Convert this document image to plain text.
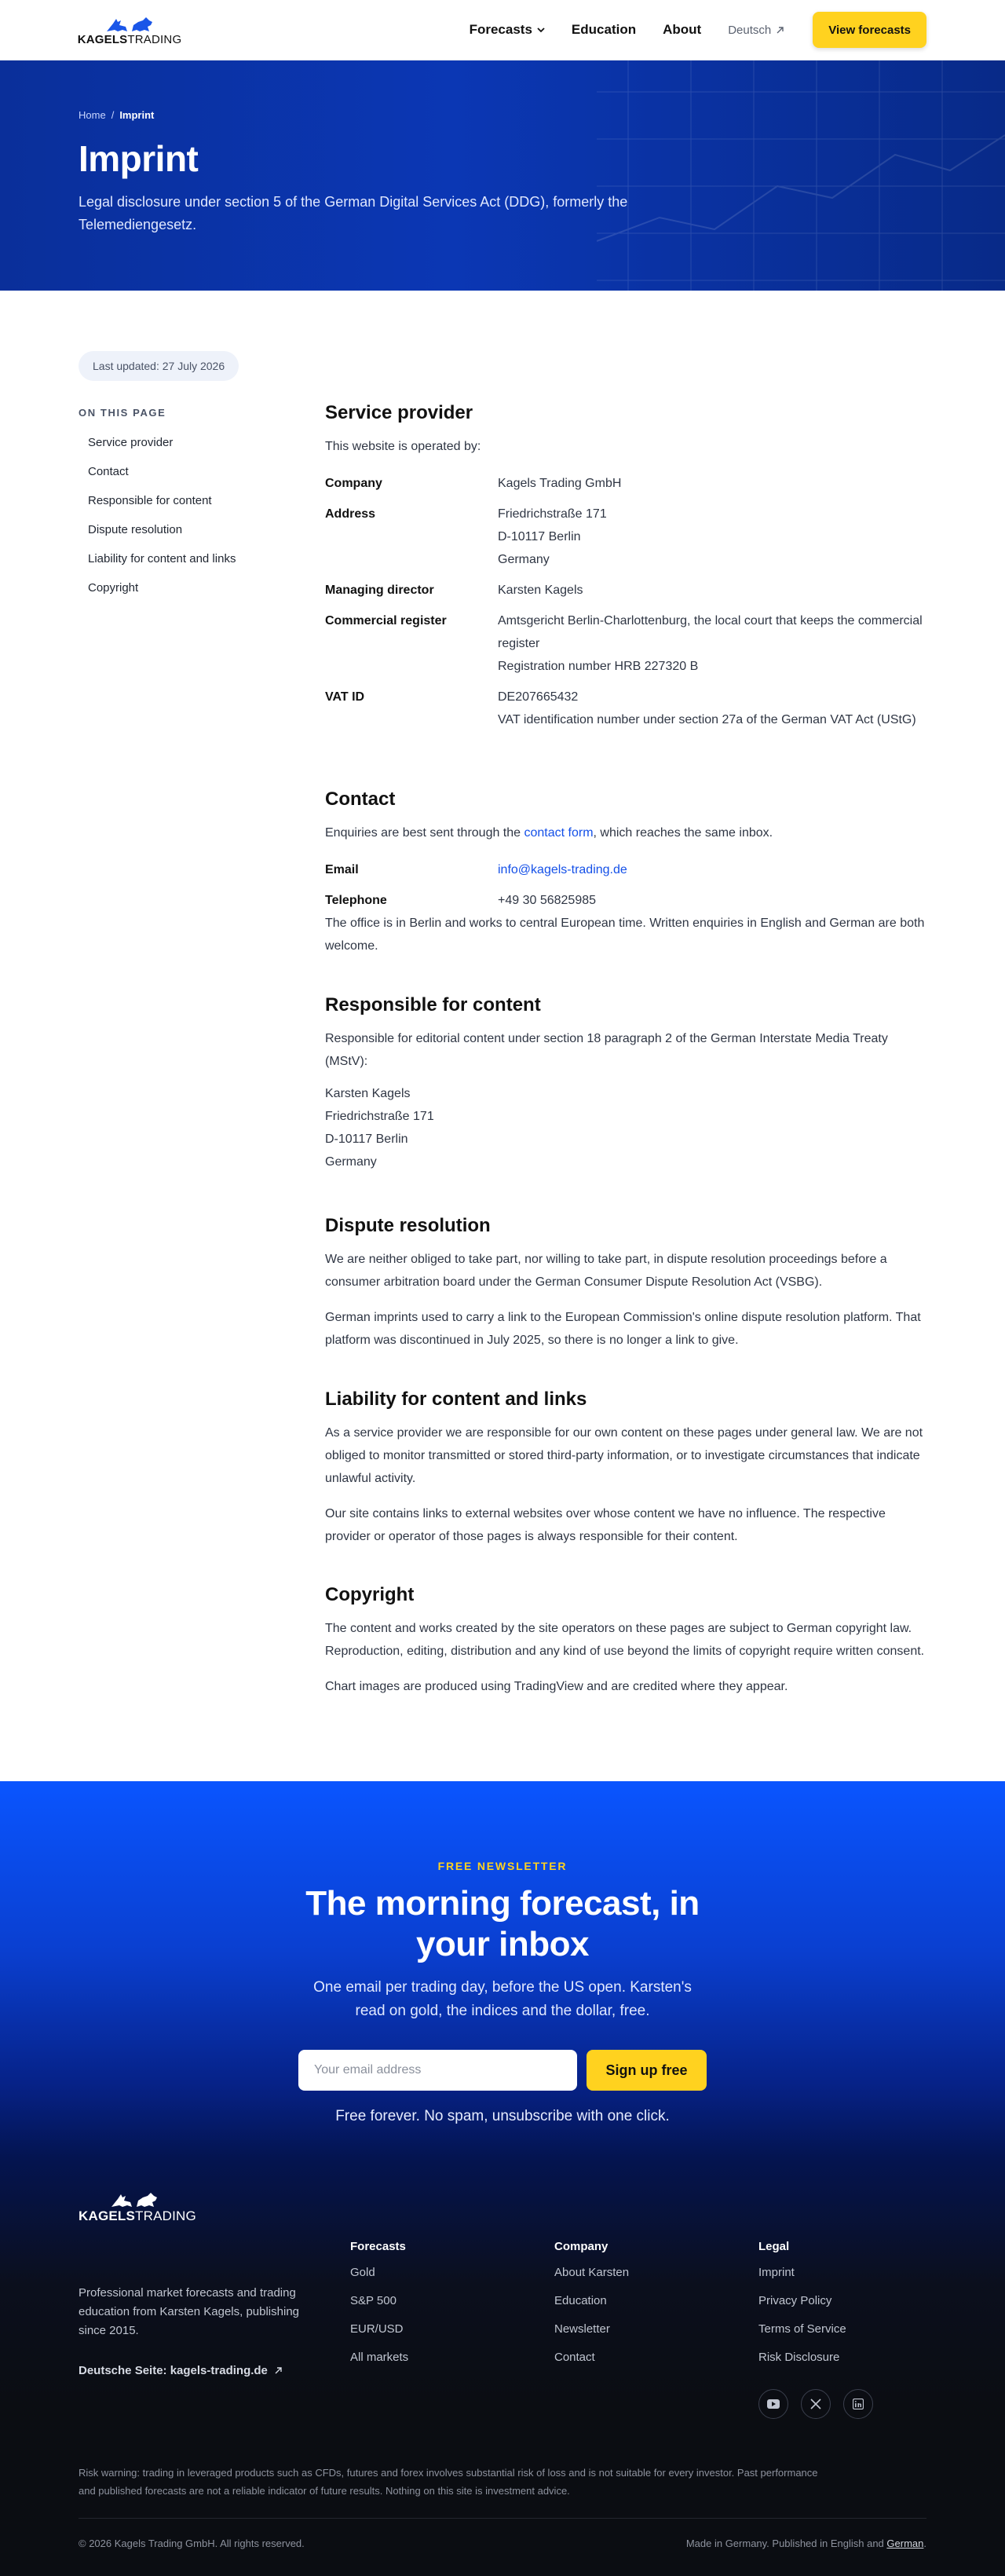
KAGELSTRADING
Forecasts	Education About Deutsch	View forecasts
Home / Imprint
Imprint

Legal disclosure under section 5 of the German Digital Services Act (DDG), formerly the Telemediengesetz.

Last updated: 27 July 2026
ON THIS PAGE
Service provider
Contact
Responsible for content
Dispute resolution
Liability for content and links
Copyright
Service provider

This website is operated by:

Company	Kagels Trading GmbH
Address	Friedrichstraße 171
D-10117 Berlin
Germany
Managing director	Karsten Kagels
Commercial register	Amtsgericht Berlin-Charlottenburg, the local court that keeps the commercial register
Registration number HRB 227320 B
VAT ID	DE207665432
VAT identification number under section 27a of the German VAT Act (UStG)
Contact

Enquiries are best sent through the contact form, which reaches the same inbox.

Email	info@kagels-trading.de
Telephone	+49 30 56825985

The office is in Berlin and works to central European time. Written enquiries in English and German are both welcome.

Responsible for content

Responsible for editorial content under section 18 paragraph 2 of the German Interstate Media Treaty (MStV):

Karsten Kagels
Friedrichstraße 171
D-10117 Berlin
Germany

Dispute resolution

We are neither obliged to take part, nor willing to take part, in dispute resolution proceedings before a consumer arbitration board under the German Consumer Dispute Resolution Act (VSBG).

German imprints used to carry a link to the European Commission's online dispute resolution platform. That platform was discontinued in July 2025, so there is no longer a link to give.

Liability for content and links

As a service provider we are responsible for our own content on these pages under general law. We are not obliged to monitor transmitted or stored third-party information, or to investigate circumstances that indicate unlawful activity.

Our site contains links to external websites over whose content we have no influence. The respective provider or operator of those pages is always responsible for their content.

Copyright

The content and works created by the site operators on these pages are subject to German copyright law. Reproduction, editing, distribution and any kind of use beyond the limits of copyright require written consent.

Chart images are produced using TradingView and are credited where they appear.

FREE NEWSLETTER
The morning forecast, in your inbox

One email per trading day, before the US open. Karsten's read on gold, the indices and the dollar, free.

Your email address
Sign up free

Free forever. No spam, unsubscribe with one click.

KAGELSTRADING

Professional market forecasts and trading education from Karsten Kagels, publishing since 2015.

Deutsche Seite: kagels-trading.de
Forecasts
Gold
S&P 500
EUR/USD
All markets
Company
About Karsten
Education
Newsletter
Contact
Legal
Imprint
Privacy Policy
Terms of Service
Risk Disclosure

Risk warning: trading in leveraged products such as CFDs, futures and forex involves substantial risk of loss and is not suitable for every investor. Past performance and published forecasts are not a reliable indicator of future results. Nothing on this site is investment advice.

© 2026 Kagels Trading GmbH. All rights reserved.	Made in Germany. Published in English and German.
